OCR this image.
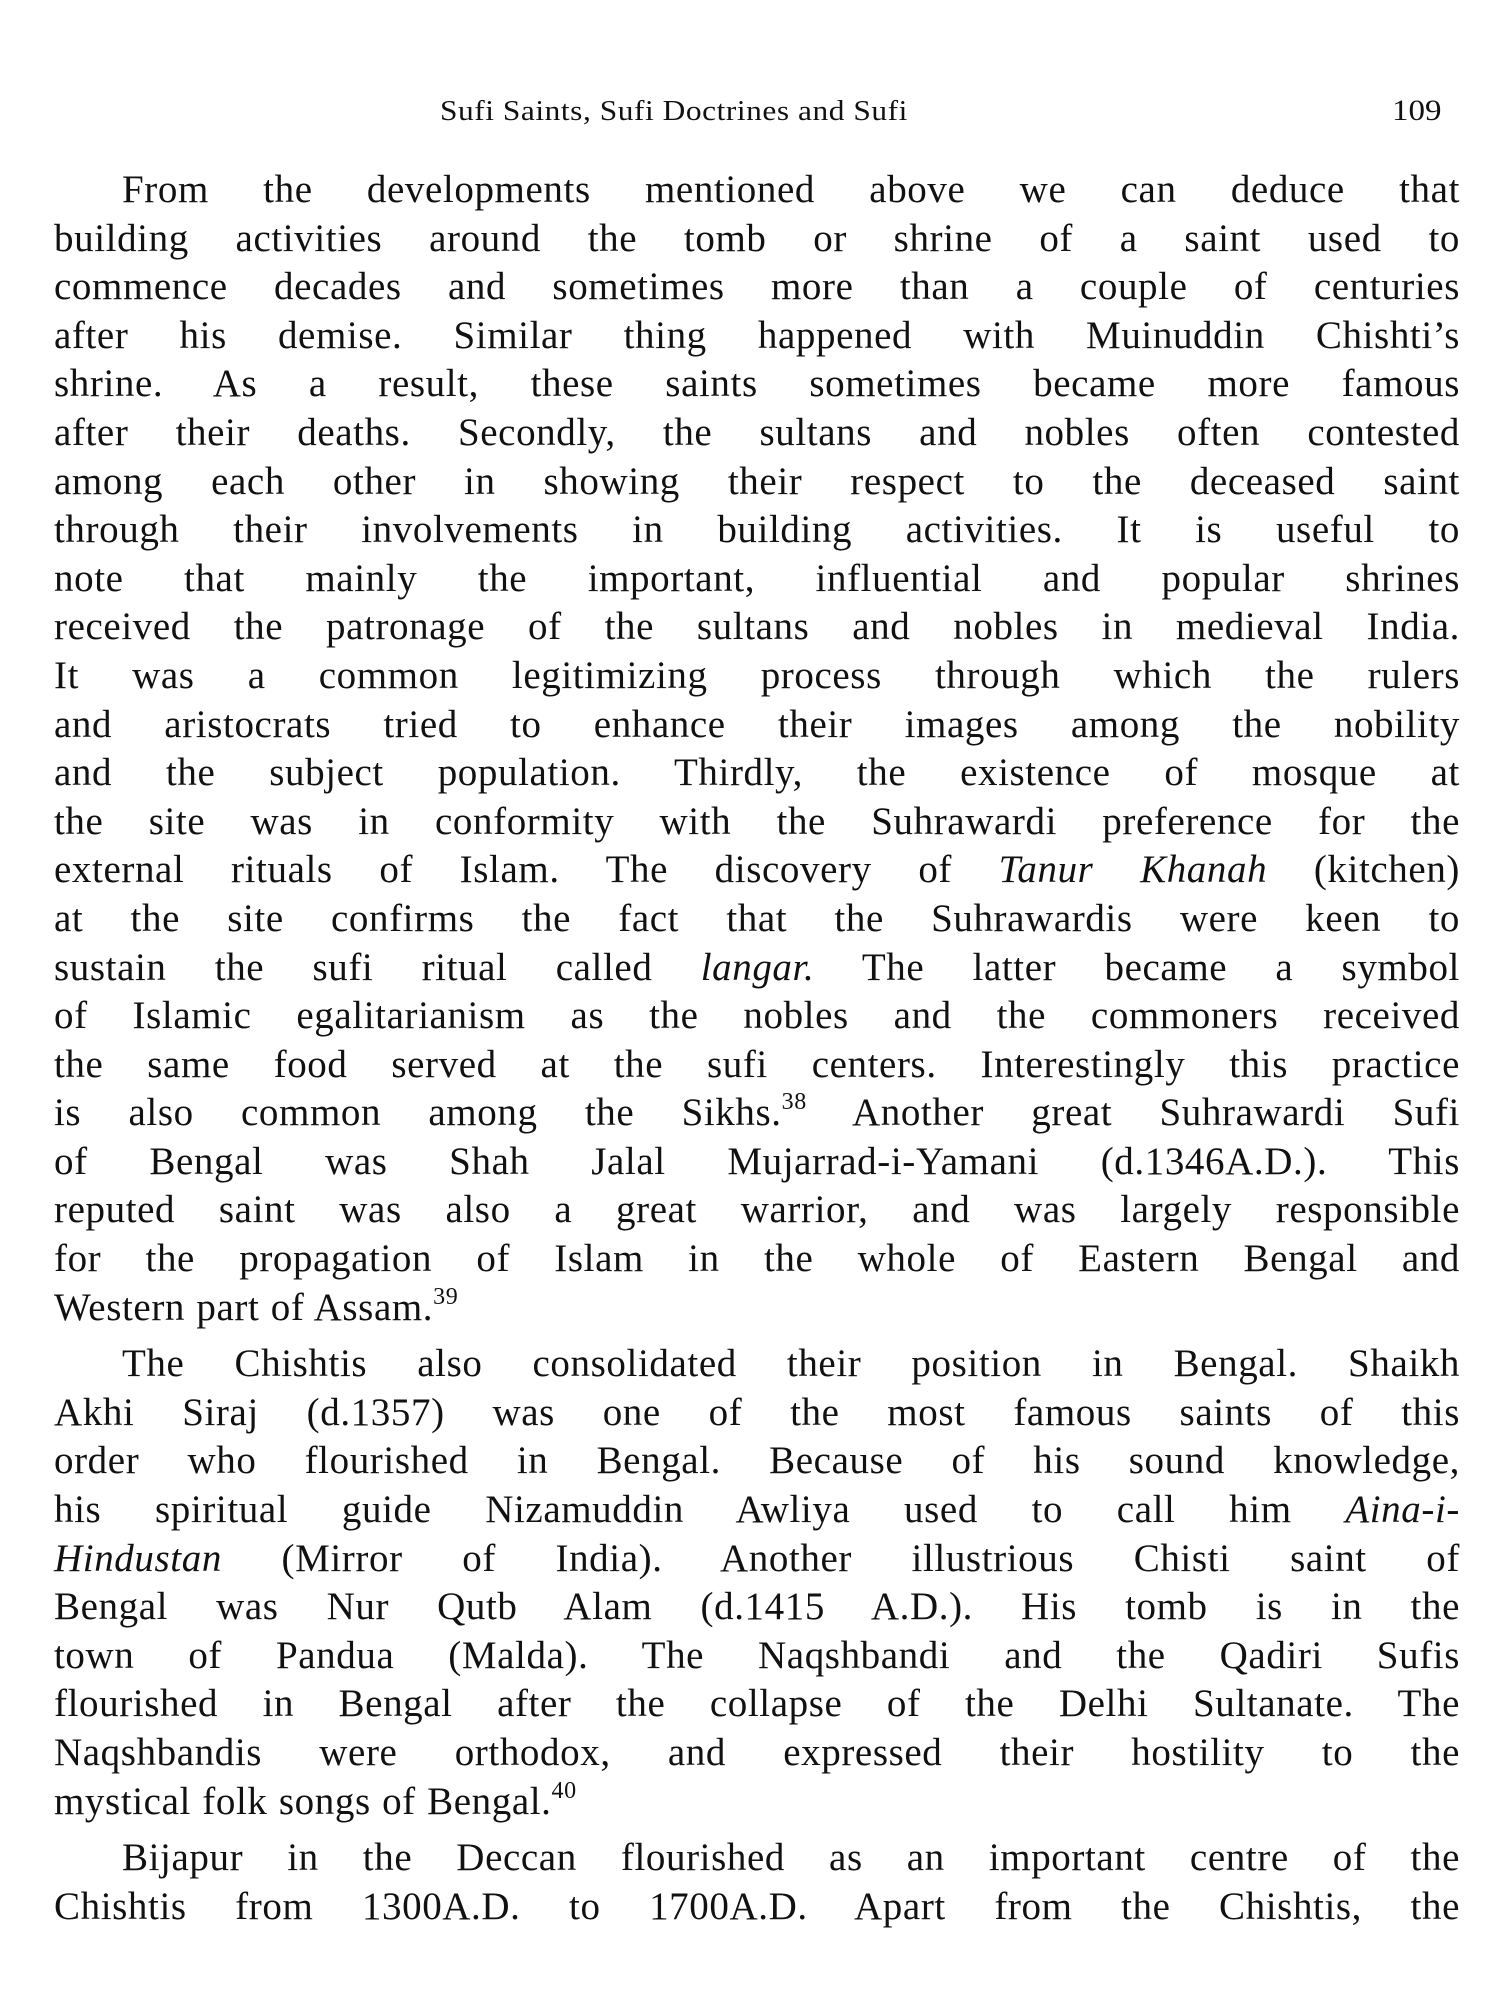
Sufi Saints, Sufi Doctrines and Sufi	109
From the developments mentioned above we can deduce that
building activities around the tomb or shrine of a saint used to
commence decades and sometimes more than a couple of centuries
after his demise. Similar thing happened with Muinuddin Chishti’s
shrine. As a result, these saints sometimes became more famous
after their deaths. Secondly, the sultans and nobles often contested
among each other in showing their respect to the deceased saint
through their involvements in building activities. It is useful to
note that mainly the important, influential and popular shrines
received the patronage of the sultans and nobles in medieval India.
It was a common legitimizing process through which the rulers
and aristocrats tried to enhance their images among the nobility
and the subject population. Thirdly, the existence of mosque at
the site was in conformity with the Suhrawardi preference for the
external rituals of Islam. The discovery of Tanur Khanah (kitchen)
at the site confirms the fact that the Suhrawardis were keen to
sustain the sufi ritual called langar. The latter became a symbol
of Islamic egalitarianism as the nobles and the commoners received
the same food served at the sufi centers. Interestingly this practice
is also common among the Sikhs.$^{38}$ Another great Suhrawardi Sufi
of Bengal was Shah Jalal Mujarrad-i-Yamani (d.1346A.D.). This
reputed saint was also a great warrior, and was largely responsible
for the propagation of Islam in the whole of Eastern Bengal and
Western part of Assam.$^{39}$
The Chishtis also consolidated their position in Bengal. Shaikh
Akhi Siraj (d.1357) was one of the most famous saints of this
order who flourished in Bengal. Because of his sound knowledge,
his spiritual guide Nizamuddin Awliya used to call him Aina-i-
Hindustan (Mirror of India). Another illustrious Chisti saint of
Bengal was Nur Qutb Alam (d.1415 A.D.). His tomb is in the
town of Pandua (Malda). The Naqshbandi and the Qadiri Sufis
flourished in Bengal after the collapse of the Delhi Sultanate. The
Naqshbandis were orthodox, and expressed their hostility to the
mystical folk songs of Bengal.$^{40}$
Bijapur in the Deccan flourished as an important centre of the
Chishtis from 1300A.D. to 1700A.D. Apart from the Chishtis, the
